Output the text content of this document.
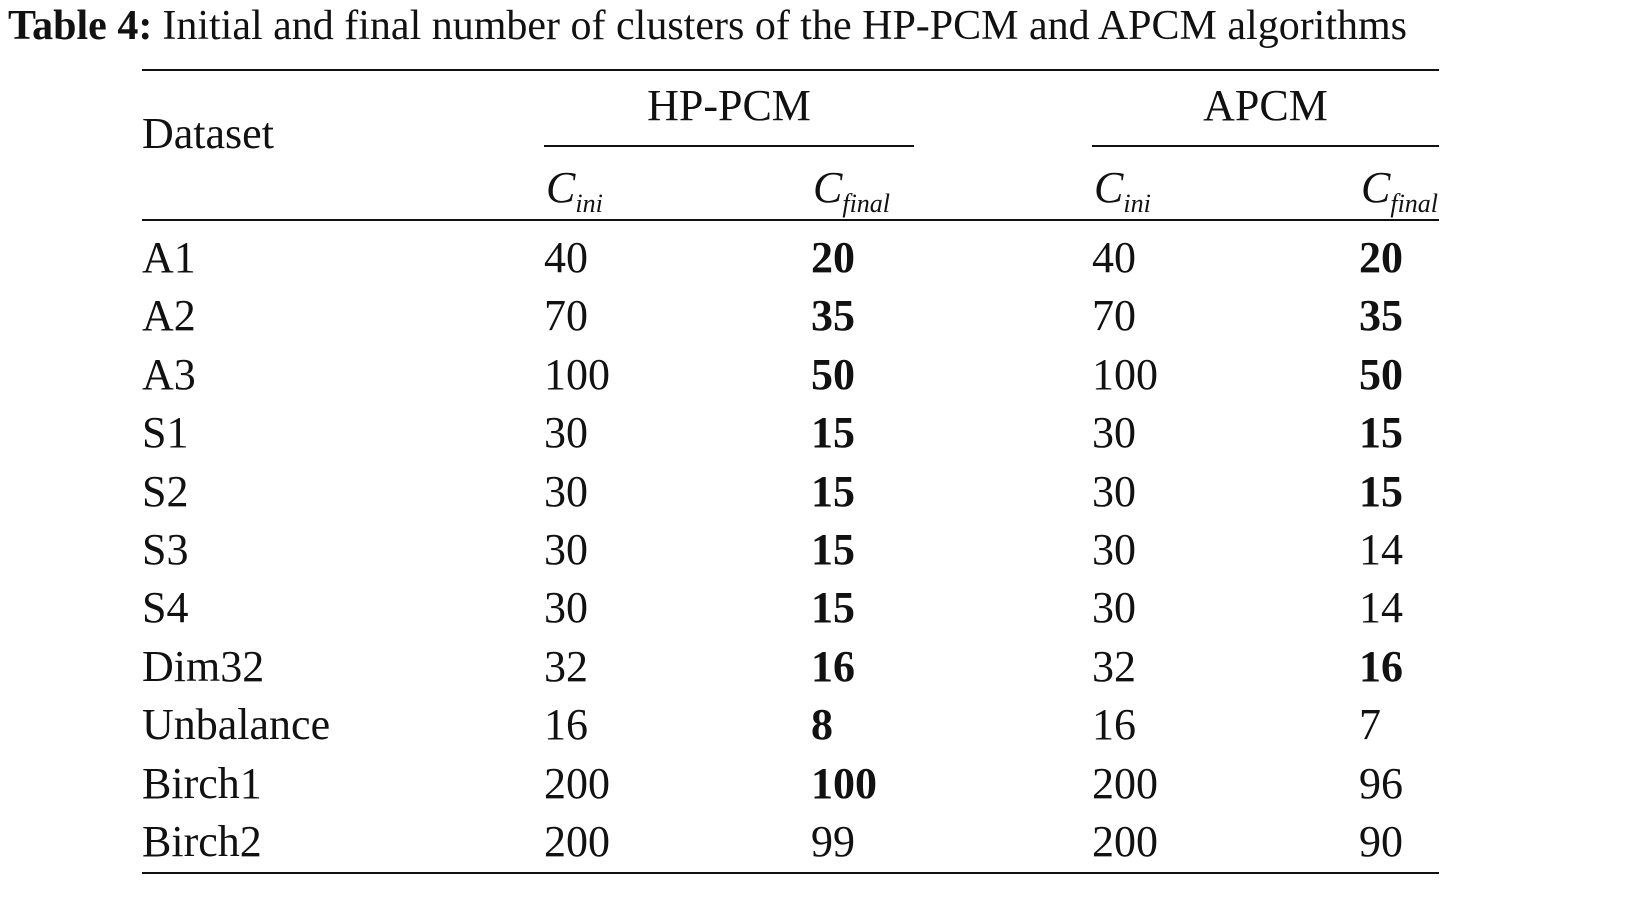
Table 4: Initial and final number of clusters of the HP-PCM and APCM algorithms
Dataset
HP-PCM	APCM
$C_{ini}$	$C_{final}$	$C_{ini}$	$C_{final}$
A1	40	20	40	20
A2	70	35	70	35
A3	100	50	100	50
S1	30	15	30	15
S2	30	15	30	15
S3	30	15	30	14
S4	30	15	30	14
Dim32	32	16	32	16
Unbalance	16	8	16	7
Birch1	200	100	200	96
Birch2	200	99	200	90
